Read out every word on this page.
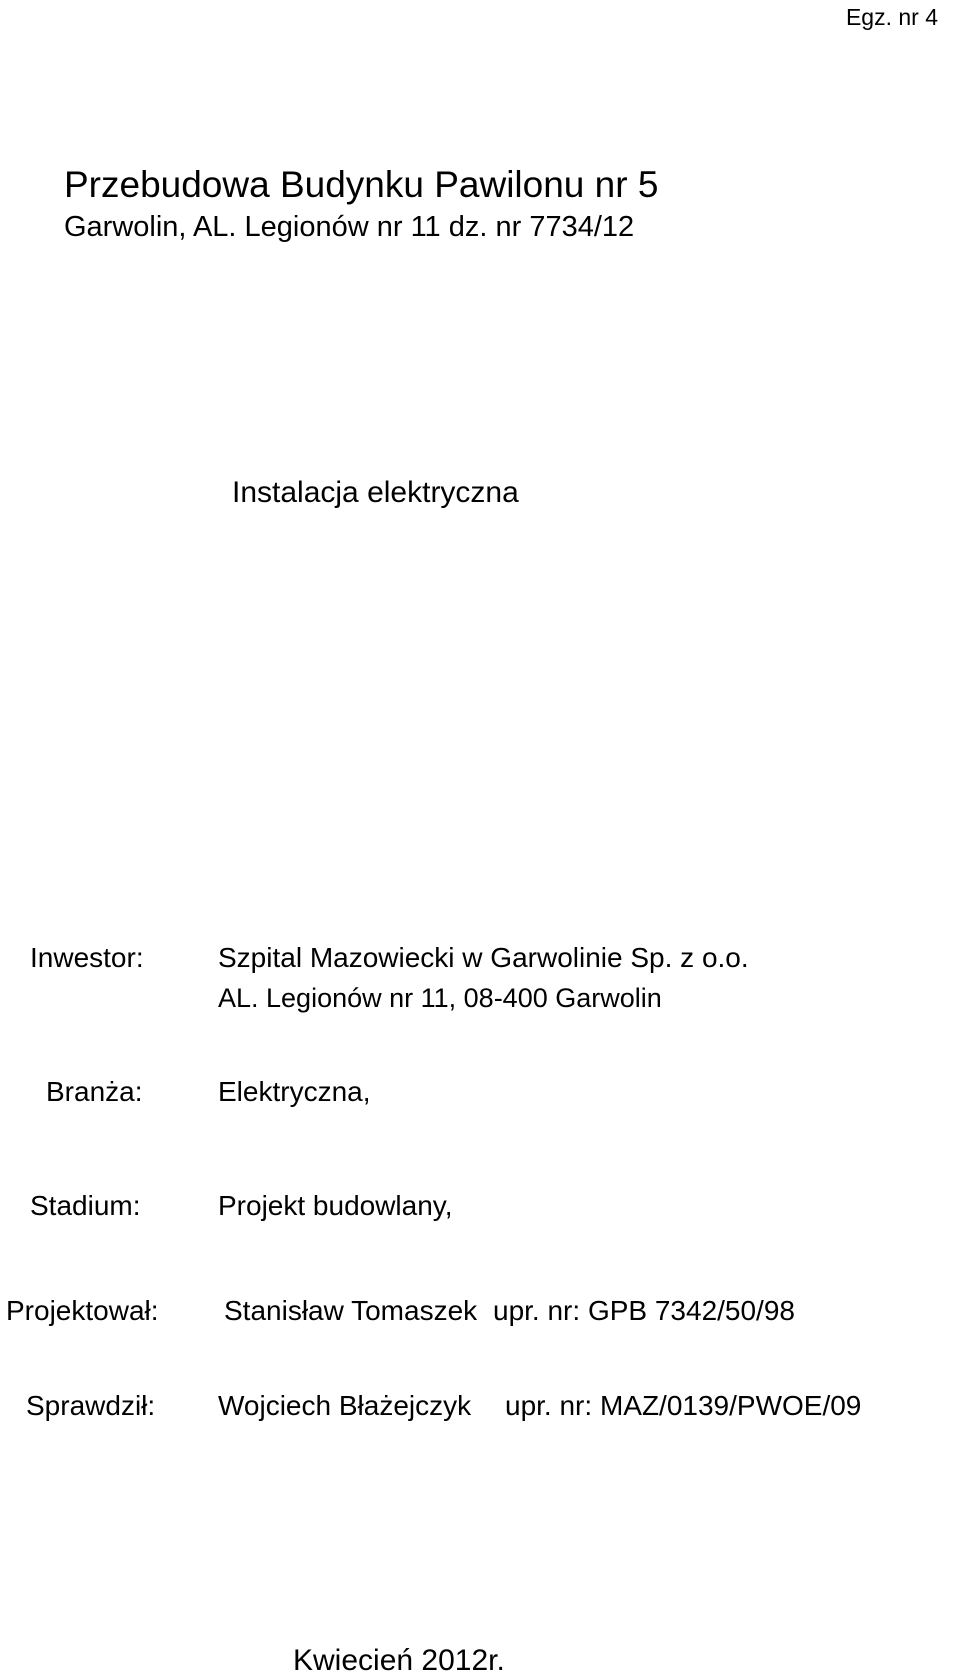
Egz. nr 4
Przebudowa Budynku Pawilonu nr 5
Garwolin, AL. Legionów nr 11 dz. nr 7734/12
Instalacja elektryczna
Inwestor:	Szpital Mazowiecki w Garwolinie Sp. z o.o.
AL. Legionów nr 11, 08-400 Garwolin
Branża:	Elektryczna,
Stadium:	Projekt budowlany,
Projektował: Stanisław Tomaszek upr. nr: GPB 7342/50/98
Sprawdził: Wojciech Błażejczyk upr. nr: MAZ/0139/PWOE/09
Kwiecień 2012r.
